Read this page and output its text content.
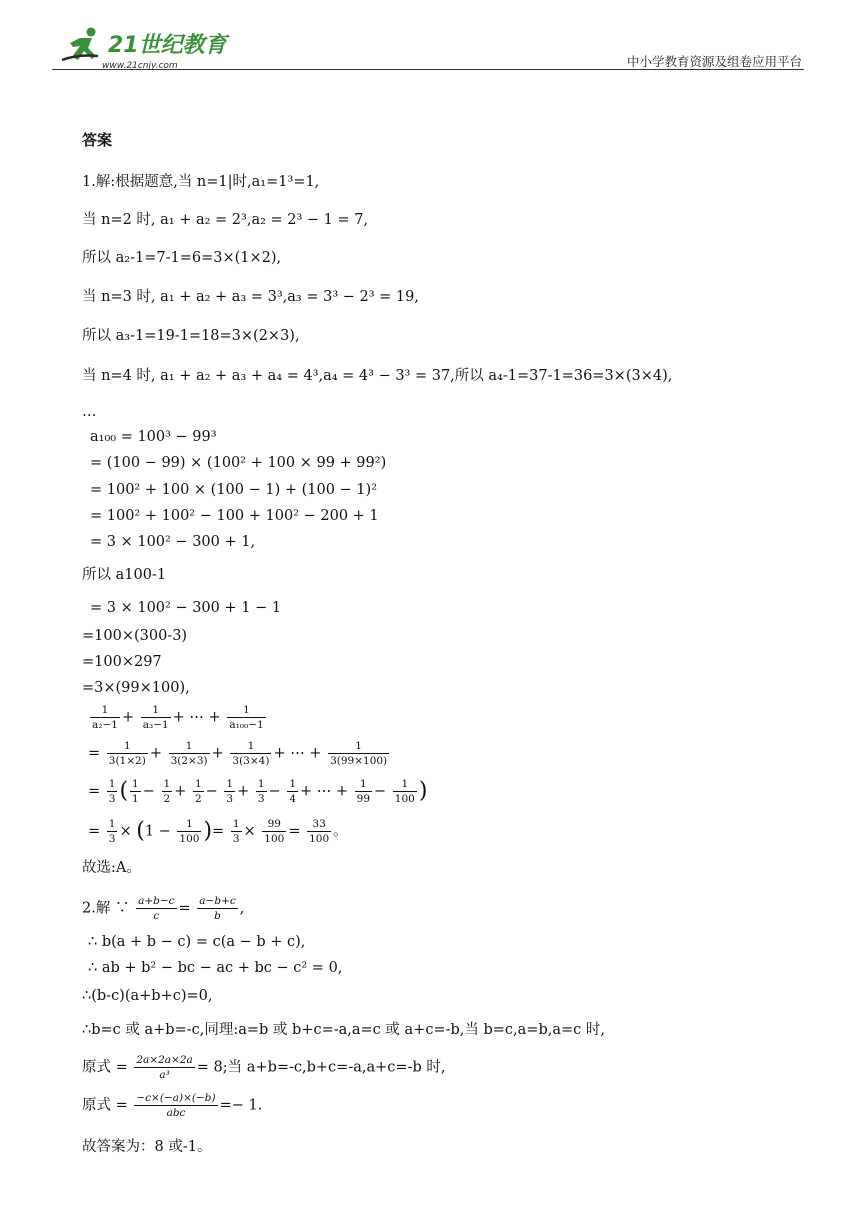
21世纪教育
www.21cnjy.com	中小学教育资源及组卷应用平台
答案
1.解:根据题意,当 n=1|时,a₁=1³=1,
当 n=2 时, a₁ + a₂ = 2³,a₂ = 2³ − 1 = 7,
所以 a₂-1=7-1=6=3×(1×2),
当 n=3 时, a₁ + a₂ + a₃ = 3³,a₃ = 3³ − 2³ = 19,
所以 a₃-1=19-1=18=3×(2×3),
当 n=4 时, a₁ + a₂ + a₃ + a₄ = 4³,a₄ = 4³ − 3³ = 37,所以 a₄-1=37-1=36=3×(3×4),
…
a₁₀₀ = 100³ − 99³
= (100 − 99) × (100² + 100 × 99 + 99²)
= 100² + 100 × (100 − 1) + (100 − 1)²
= 100² + 100² − 100 + 100² − 200 + 1
= 3 × 100² − 300 + 1,
所以 a100-1
= 3 × 100² − 300 + 1 − 1
=100×(300-3)
=100×297
=3×(99×100),
$\frac{1}{\text{a₂−1}} + \frac{1}{\text{a₃−1}}$ + ⋯ + $\frac{1}{\text{a₁₀₀−1}}$
= $\frac{1}{3(1\times 2)} + \frac{1}{3(2\times 3)} + \frac{1}{3(3\times 4)}$ + ⋯ + $\frac{1}{3(99\times 100)}$
= $\frac{1}{3}$ ( $\frac{1}{1} - \frac{1}{2} + \frac{1}{2} - \frac{1}{3} + \frac{1}{3} - \frac{1}{4}$ + ⋯ + $\frac{1}{99} - \frac{1}{100}$ )
= $\frac{1}{3} \times (1 - \frac{1}{100}$ )= $\frac{1}{3} \times \frac{99}{100} = \frac{33}{100}$ 。
故选:A。
2.解 ∵ $\frac{a+b-c}{c} = \frac{a-b+c}{b}$ ,
∴ b(a + b − c) = c(a − b + c),
∴ ab + b² − bc − ac + bc − c² = 0,
∴(b-c)(a+b+c)=0,
∴b=c 或 a+b=-c,同理:a=b 或 b+c=-a,a=c 或 a+c=-b,当 b=c,a=b,a=c 时,
原式 = $\frac{2a\times 2a\times 2a}{\text{a³}} = 8$;当 a+b=-c,b+c=-a,a+c=-b 时,
原式 = $\frac{-c\times(-a)\times(-b)}{\text{abc}} =- 1$.
故答案为：8 或-1。
